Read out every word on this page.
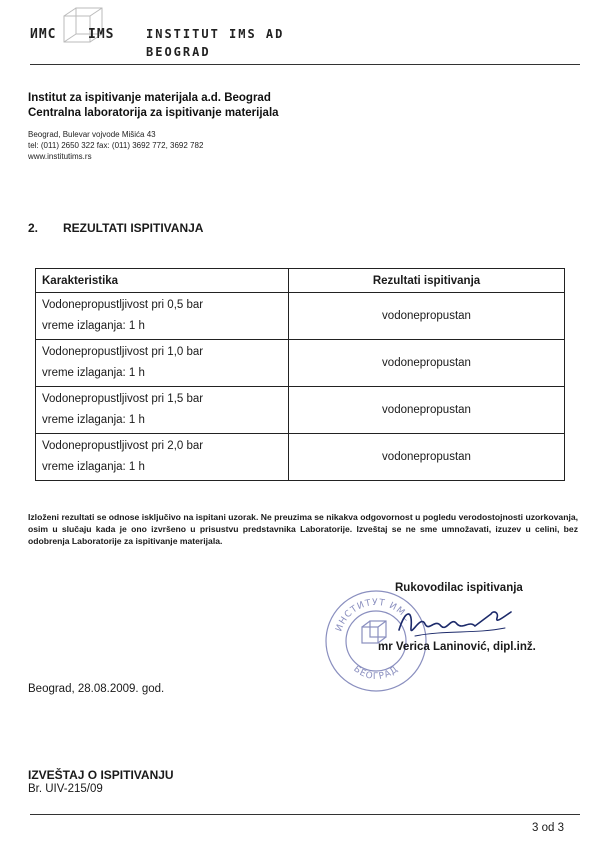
ИМС IMS	INSTITUT IMS AD
BEOGRAD
Institut za ispitivanje materijala a.d. Beograd
Centralna laboratorija za ispitivanje materijala
Beograd, Bulevar vojvode Mišića 43
tel: (011) 2650 322 fax: (011) 3692 772, 3692 782
www.institutims.rs
2. REZULTATI ISPITIVANJA
Karakteristika	Rezultati ispitivanja

Vodonepropustljivost pri 0,5 bar
vreme izlaganja: 1 h	vodonepropustan

Vodonepropustljivost pri 1,0 bar
vreme izlaganja: 1 h	vodonepropustan

Vodonepropustljivost pri 1,5 bar
vreme izlaganja: 1 h	vodonepropustan

Vodonepropustljivost pri 2,0 bar
vreme izlaganja: 1 h	vodonepropustan
Izloženi rezultati se odnose isključivo na ispitani uzorak. Ne preuzima se nikakva odgovornost u pogledu verodostojnosti uzorkovanja, osim u slučaju kada je ono izvršeno u prisustvu predstavnika Laboratorije. Izveštaj se ne sme umnožavati, izuzev u celini, bez odobrenja Laboratorije za ispitivanje materijala.
ИНСТИТУТ ИМС
БЕОГРАД
Rukovodilac ispitivanja
mr Verica Laninović, dipl.inž.
Beograd, 28.08.2009. god.
IZVEŠTAJ O ISPITIVANJU
Br. UIV-215/09
3 od 3
